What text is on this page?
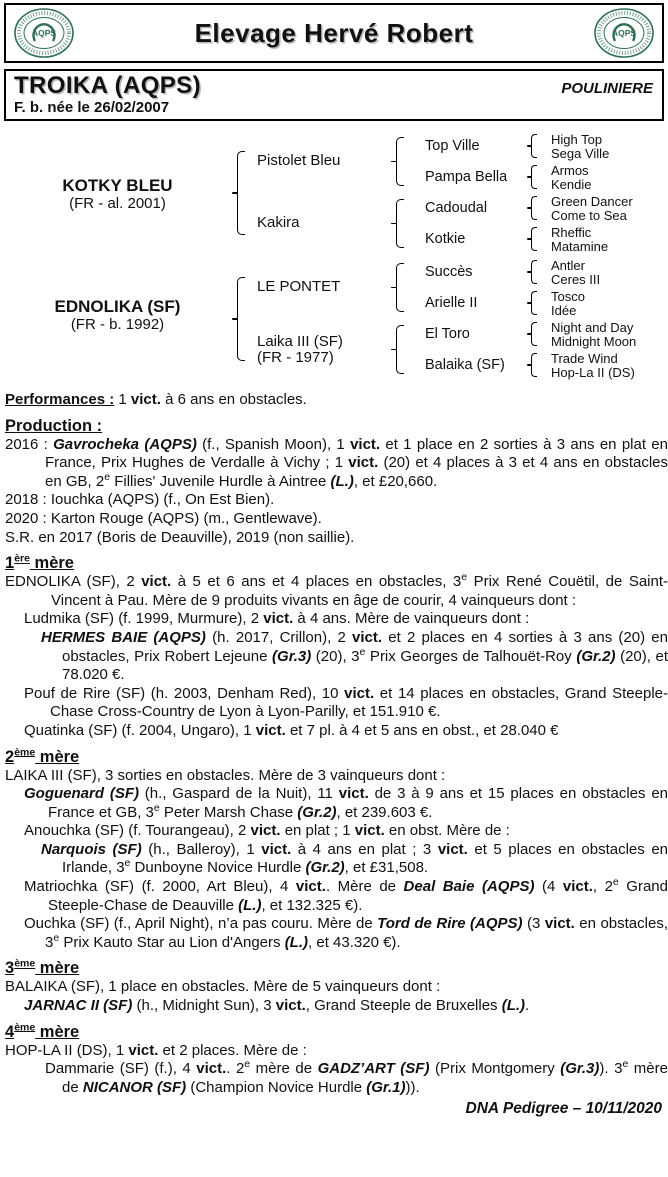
AQPS	Elevage Hervé Robert	AQPS
TROIKA (AQPS)	POULINIERE
F. b. née le 26/02/2007
KOTKY BLEU
(FR - al. 2001)
EDNOLIKA (SF)
(FR - b. 1992)
Pistolet Bleu
Kakira
LE PONTET
Laika III (SF)
(FR - 1977)
Top Ville
Pampa Bella
Cadoudal
Kotkie
Succès
Arielle II
El Toro
Balaika (SF)
High Top
Sega Ville
Armos
Kendie
Green Dancer
Come to Sea
Rheffic
Matamine
Antler
Ceres III
Tosco
Idée
Night and Day
Midnight Moon
Trade Wind
Hop-La II (DS)

Performances : 1 vict. à 6 ans en obstacles.

Production :

2016 : Gavrocheka (AQPS) (f., Spanish Moon), 1 vict. et 1 place en 2 sorties à 3 ans en plat en France, Prix Hughes de Verdalle à Vichy ; 1 vict. (20) et 4 places à 3 et 4 ans en obstacles en GB, 2e Fillies' Juvenile Hurdle à Aintree (L.), et £20,660.

2018 : Iouchka (AQPS) (f., On Est Bien).

2020 : Karton Rouge (AQPS) (m., Gentlewave).

S.R. en 2017 (Boris de Deauville), 2019 (non saillie).

1ère mère

EDNOLIKA (SF), 2 vict. à 5 et 6 ans et 4 places en obstacles, 3e Prix René Couëtil, de Saint-Vincent à Pau. Mère de 9 produits vivants en âge de courir, 4 vainqueurs dont :

Ludmika (SF) (f. 1999, Murmure), 2 vict. à 4 ans. Mère de vainqueurs dont :

HERMES BAIE (AQPS) (h. 2017, Crillon), 2 vict. et 2 places en 4 sorties à 3 ans (20) en obstacles, Prix Robert Lejeune (Gr.3) (20), 3e Prix Georges de Talhouët-Roy (Gr.2) (20), et 78.020 €.

Pouf de Rire (SF) (h. 2003, Denham Red), 10 vict. et 14 places en obstacles, Grand Steeple-Chase Cross-Country de Lyon à Lyon-Parilly, et 151.910 €.

Quatinka (SF) (f. 2004, Ungaro), 1 vict. et 7 pl. à 4 et 5 ans en obst., et 28.040 €

2ème mère

LAIKA III (SF), 3 sorties en obstacles. Mère de 3 vainqueurs dont :

Goguenard (SF) (h., Gaspard de la Nuit), 11 vict. de 3 à 9 ans et 15 places en obstacles en France et GB, 3e Peter Marsh Chase (Gr.2), et 239.603 €.

Anouchka (SF) (f. Tourangeau), 2 vict. en plat ; 1 vict. en obst. Mère de :

Narquois (SF) (h., Balleroy), 1 vict. à 4 ans en plat ; 3 vict. et 5 places en obstacles en Irlande, 3e Dunboyne Novice Hurdle (Gr.2), et £31,508.

Matriochka (SF) (f. 2000, Art Bleu), 4 vict.. Mère de Deal Baie (AQPS) (4 vict., 2e Grand Steeple-Chase de Deauville (L.), et 132.325 €).

Ouchka (SF) (f., April Night), n’a pas couru. Mère de Tord de Rire (AQPS) (3 vict. en obstacles, 3e Prix Kauto Star au Lion d'Angers (L.), et 43.320 €).

3ème mère

BALAIKA (SF), 1 place en obstacles. Mère de 5 vainqueurs dont :

JARNAC II (SF) (h., Midnight Sun), 3 vict., Grand Steeple de Bruxelles (L.).

4ème mère

HOP-LA II (DS), 1 vict. et 2 places. Mère de :

Dammarie (SF) (f.), 4 vict.. 2e mère de GADZ’ART (SF) (Prix Montgomery (Gr.3)). 3e mère de NICANOR (SF) (Champion Novice Hurdle (Gr.1))).

DNA Pedigree – 10/11/2020
